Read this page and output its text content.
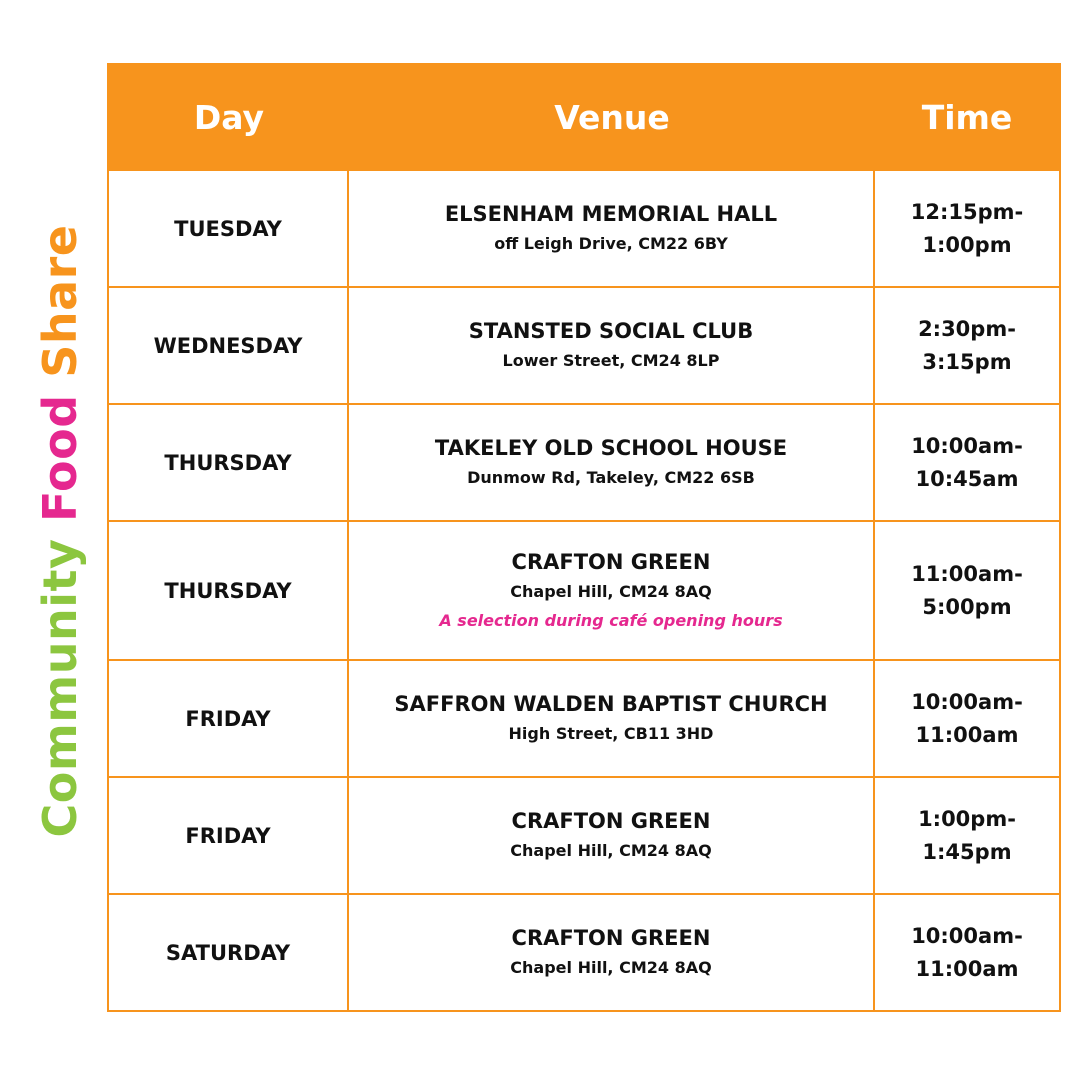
Community Food Share
Day	Venue	Time
TUESDAY
ELSENHAM MEMORIAL HALL
off Leigh Drive, CM22 6BY
12:15pm-
1:00pm
WEDNESDAY
STANSTED SOCIAL CLUB
Lower Street, CM24 8LP
2:30pm-
3:15pm
THURSDAY
TAKELEY OLD SCHOOL HOUSE
Dunmow Rd, Takeley, CM22 6SB
10:00am-
10:45am
THURSDAY
CRAFTON GREEN
Chapel Hill, CM24 8AQ
A selection during café opening hours
11:00am-
5:00pm
FRIDAY
SAFFRON WALDEN BAPTIST CHURCH
High Street, CB11 3HD
10:00am-
11:00am
FRIDAY
CRAFTON GREEN
Chapel Hill, CM24 8AQ
1:00pm-
1:45pm
SATURDAY
CRAFTON GREEN
Chapel Hill, CM24 8AQ
10:00am-
11:00am
